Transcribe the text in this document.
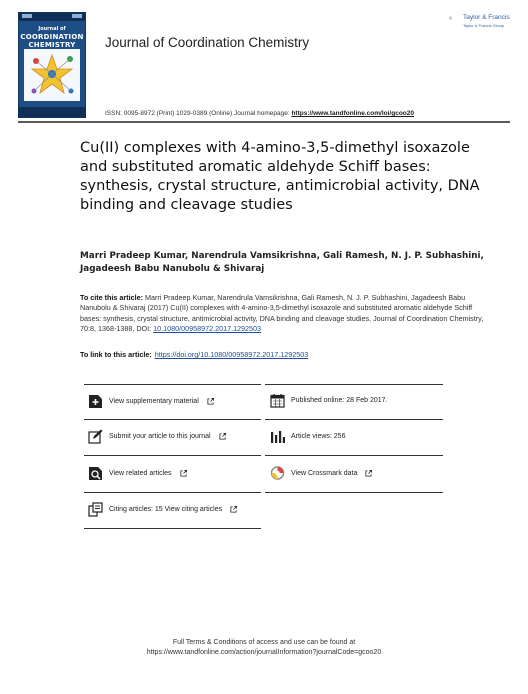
Journal of
COORDINATION
CHEMISTRY	Journal of Coordination Chemistry
Taylor & Francis
Taylor & Francis Group
ISSN: 0095-8972 (Print) 1029-0389 (Online) Journal homepage: https://www.tandfonline.com/loi/gcoo20
Cu(II) complexes with 4-amino-3,5-dimethyl isoxazole and substituted aromatic aldehyde Schiff bases: synthesis, crystal structure, antimicrobial activity, DNA binding and cleavage studies
Marri Pradeep Kumar, Narendrula Vamsikrishna, Gali Ramesh, N. J. P. Subhashini, Jagadeesh Babu Nanubolu & Shivaraj
To cite this article: Marri Pradeep Kumar, Narendrula Vamsikrishna, Gali Ramesh, N. J. P. Subhashini, Jagadeesh Babu Nanubolu & Shivaraj (2017) Cu(II) complexes with 4-amino-3,5-dimethyl isoxazole and substituted aromatic aldehyde Schiff bases: synthesis, crystal structure, antimicrobial activity, DNA binding and cleavage studies, Journal of Coordination Chemistry, 70:8, 1368-1388, DOI: 10.1080/00958972.2017.1292503
To link to this article: https://doi.org/10.1080/00958972.2017.1292503
View supplementary material	Published online: 28 Feb 2017.
Submit your article to this journal	Article views: 256
View related articles	View Crossmark data
Citing articles: 15 View citing articles
Full Terms & Conditions of access and use can be found at
https://www.tandfonline.com/action/journalInformation?journalCode=gcoo20
